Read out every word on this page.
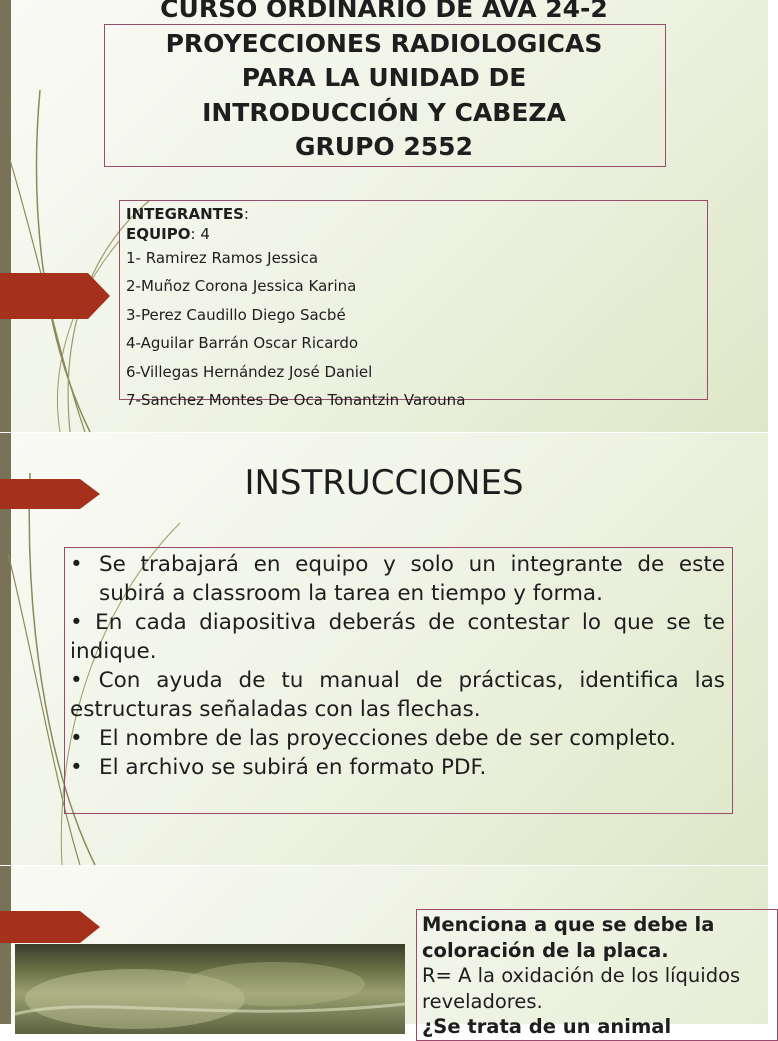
CURSO ORDINARIO DE AVA 24-2
PROYECCIONES RADIOLOGICAS
PARA LA UNIDAD DE
INTRODUCCIÓN Y CABEZA
GRUPO 2552
INTEGRANTES:
EQUIPO: 4
1- Ramirez Ramos Jessica
2-Muñoz Corona Jessica Karina
3-Perez Caudillo Diego Sacbé
4-Aguilar Barrán Oscar Ricardo
6-Villegas Hernández José Daniel
7-Sanchez Montes De Oca Tonantzin Varouna
INSTRUCCIONES
• Se trabajará en equipo y solo un integrante de este subirá a classroom la tarea en tiempo y forma.

• En cada diapositiva deberás de contestar lo que se te indique.

• Con ayuda de tu manual de prácticas, identifica las estructuras señaladas con las flechas.

• El nombre de las proyecciones debe de ser completo.
• El archivo se subirá en formato PDF.
Menciona a que se debe la coloración de la placa.
R= A la oxidación de los líquidos reveladores.
¿Se trata de un animal
